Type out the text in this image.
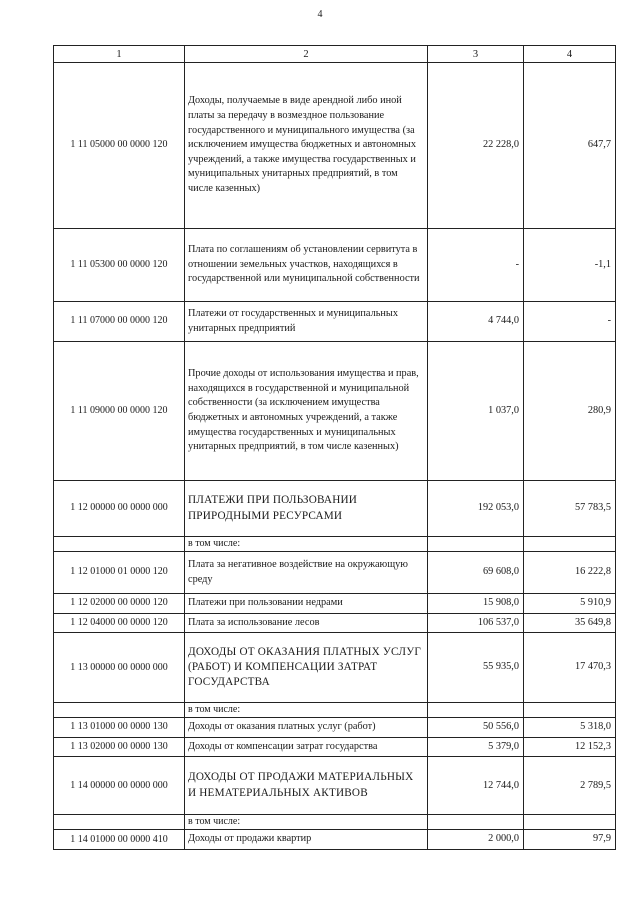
4
1	2	3	4
1 11 05000 00 0000 120	Доходы, получаемые в виде арендной либо иной платы за передачу в возмездное пользование государственного и муниципального имущества (за исключением имущества бюджетных и автономных учреждений, а также имущества государственных и муниципальных унитарных предприятий, в том числе казенных)	22 228,0	647,7
1 11 05300 00 0000 120	Плата по соглашениям об установлении сервитута в отношении земельных участков, находящихся в государственной или муниципальной собственности	-	-1,1
1 11 07000 00 0000 120	Платежи от государственных и муниципальных унитарных предприятий	4 744,0	-
1 11 09000 00 0000 120	Прочие доходы от использования имущества и прав, находящихся в государственной и муниципальной собственности (за исключением имущества бюджетных и автономных учреждений, а также имущества государственных и муниципальных унитарных предприятий, в том числе казенных)	1 037,0	280,9
1 12 00000 00 0000 000	ПЛАТЕЖИ ПРИ ПОЛЬЗОВАНИИ ПРИРОДНЫМИ РЕСУРСАМИ	192 053,0	57 783,5
	в том числе:		
1 12 01000 01 0000 120	Плата за негативное воздействие на окружающую среду	69 608,0	16 222,8
1 12 02000 00 0000 120	Платежи при пользовании недрами	15 908,0	5 910,9
1 12 04000 00 0000 120	Плата за использование лесов	106 537,0	35 649,8
1 13 00000 00 0000 000	ДОХОДЫ ОТ ОКАЗАНИЯ ПЛАТНЫХ УСЛУГ (РАБОТ) И КОМПЕНСАЦИИ ЗАТРАТ ГОСУДАРСТВА	55 935,0	17 470,3
	в том числе:		
1 13 01000 00 0000 130	Доходы от оказания платных услуг (работ)	50 556,0	5 318,0
1 13 02000 00 0000 130	Доходы от компенсации затрат государства	5 379,0	12 152,3
1 14 00000 00 0000 000	ДОХОДЫ ОТ ПРОДАЖИ МАТЕРИАЛЬНЫХ И НЕМАТЕРИАЛЬНЫХ АКТИВОВ	12 744,0	2 789,5
	в том числе:		
1 14 01000 00 0000 410	Доходы от продажи квартир	2 000,0	97,9
